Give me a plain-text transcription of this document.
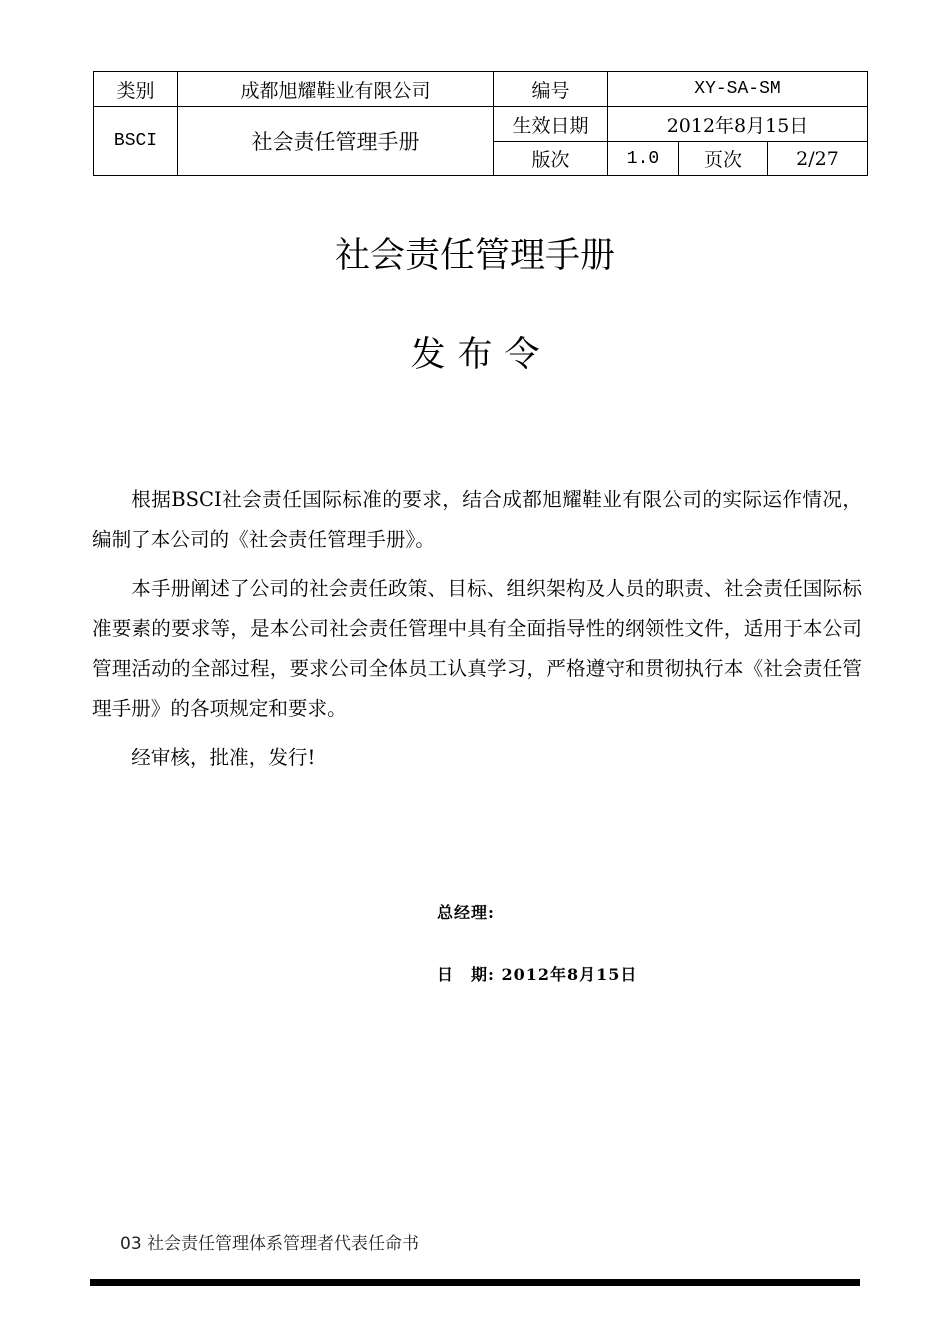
类别	成都旭耀鞋业有限公司	编号	XY-SA-SM		
BSCI	社会责任管理手册	生效日期	2012年8月15日		
		版次	1.0	页次	2/27
社会责任管理手册
发布令

根据BSCI社会责任国际标准的要求，结合成都旭耀鞋业有限公司的实际运作情况，编制了本公司的《社会责任管理手册》。

本手册阐述了公司的社会责任政策、目标、组织架构及人员的职责、社会责任国际标准要素的要求等，是本公司社会责任管理中具有全面指导性的纲领性文件，适用于本公司管理活动的全部过程，要求公司全体员工认真学习，严格遵守和贯彻执行本《社会责任管理手册》的各项规定和要求。

经审核，批准，发行!

总经理:
日　期: 2012年8月15日
03 社会责任管理体系管理者代表任命书
